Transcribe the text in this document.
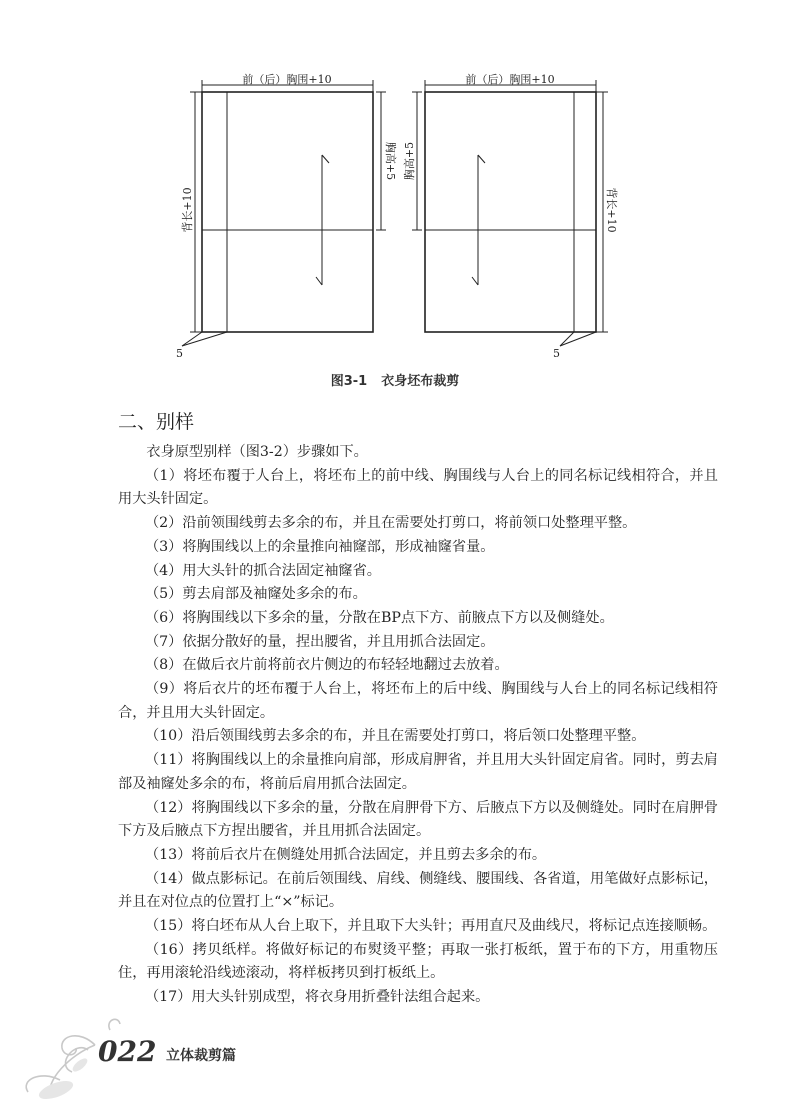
前（后）胸围+10
胸高+5
背长+10
5
前（后）胸围+10
胸高+5
背长+10
5
图3-1 衣身坯布裁剪
二、别样

衣身原型别样（图3-2）步骤如下。

（1）将坯布覆于人台上，将坯布上的前中线、胸围线与人台上的同名标记线相符合，并且用大头针固定。

（2）沿前领围线剪去多余的布，并且在需要处打剪口，将前领口处整理平整。

（3）将胸围线以上的余量推向袖窿部，形成袖窿省量。

（4）用大头针的抓合法固定袖窿省。

（5）剪去肩部及袖窿处多余的布。

（6）将胸围线以下多余的量，分散在BP点下方、前腋点下方以及侧缝处。

（7）依据分散好的量，捏出腰省，并且用抓合法固定。

（8）在做后衣片前将前衣片侧边的布轻轻地翻过去放着。

（9）将后衣片的坯布覆于人台上，将坯布上的后中线、胸围线与人台上的同名标记线相符合，并且用大头针固定。

（10）沿后领围线剪去多余的布，并且在需要处打剪口，将后领口处整理平整。

（11）将胸围线以上的余量推向肩部，形成肩胛省，并且用大头针固定肩省。同时，剪去肩部及袖窿处多余的布，将前后肩用抓合法固定。

（12）将胸围线以下多余的量，分散在肩胛骨下方、后腋点下方以及侧缝处。同时在肩胛骨下方及后腋点下方捏出腰省，并且用抓合法固定。

（13）将前后衣片在侧缝处用抓合法固定，并且剪去多余的布。

（14）做点影标记。在前后领围线、肩线、侧缝线、腰围线、各省道，用笔做好点影标记，并且在对位点的位置打上“×”标记。

（15）将白坯布从人台上取下，并且取下大头针；再用直尺及曲线尺，将标记点连接顺畅。

（16）拷贝纸样。将做好标记的布熨烫平整；再取一张打板纸，置于布的下方，用重物压住，再用滚轮沿线迹滚动，将样板拷贝到打板纸上。

（17）用大头针别成型，将衣身用折叠针法组合起来。

022 立体裁剪篇
